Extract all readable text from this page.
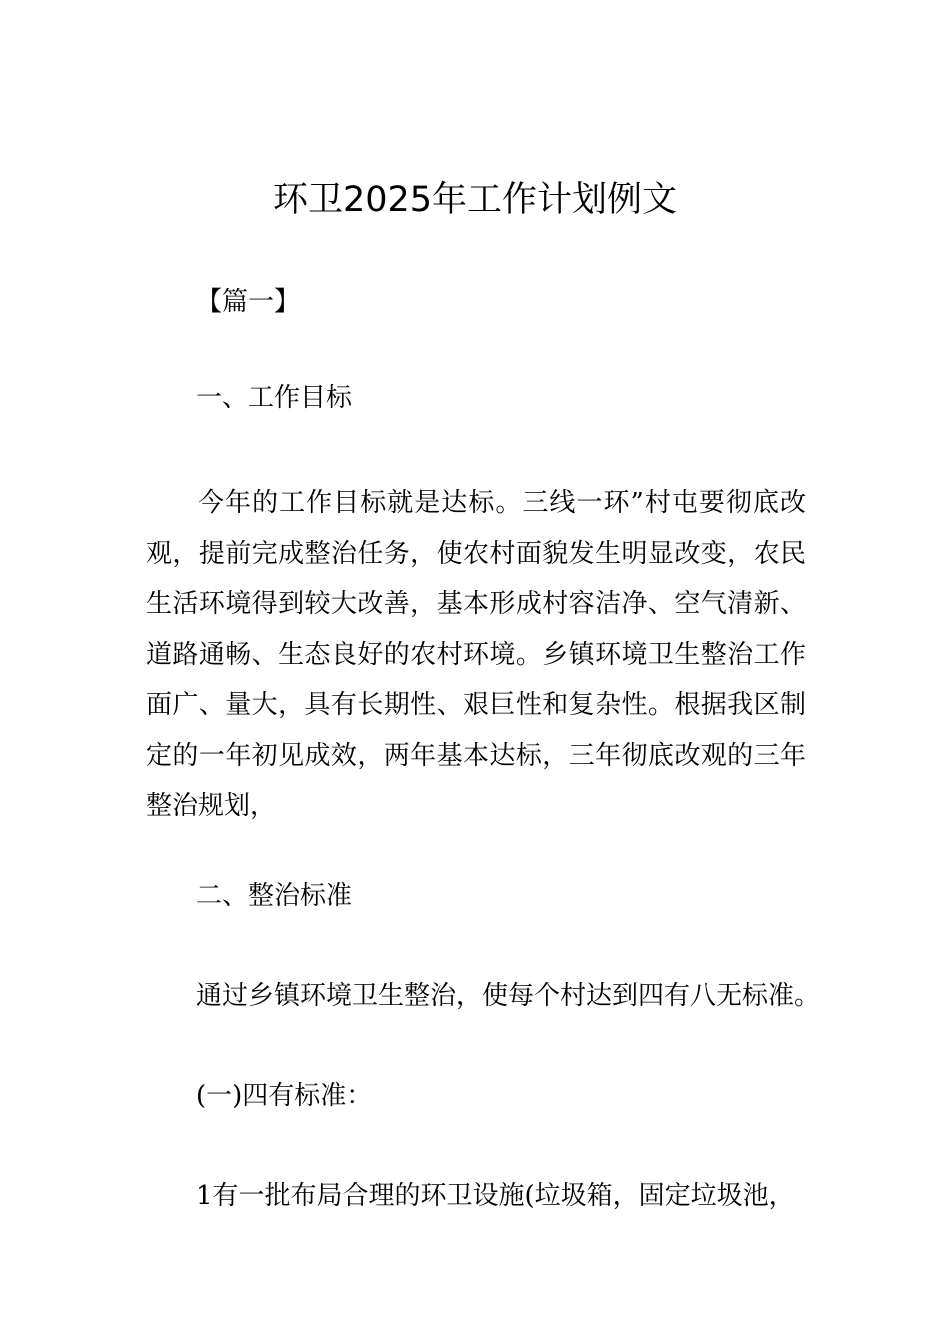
环卫2025年工作计划例文
【篇一】
一、工作目标
今年的工作目标就是达标。三线一环”村屯要彻底改观，提前完成整治任务，使农村面貌发生明显改变，农民生活环境得到较大改善，基本形成村容洁净、空气清新、道路通畅、生态良好的农村环境。乡镇环境卫生整治工作面广、量大，具有长期性、艰巨性和复杂性。根据我区制定的一年初见成效，两年基本达标，三年彻底改观的三年整治规划，
二、整治标准
通过乡镇环境卫生整治，使每个村达到四有八无标准。
(一)四有标准：
1有一批布局合理的环卫设施(垃圾箱，固定垃圾池，
